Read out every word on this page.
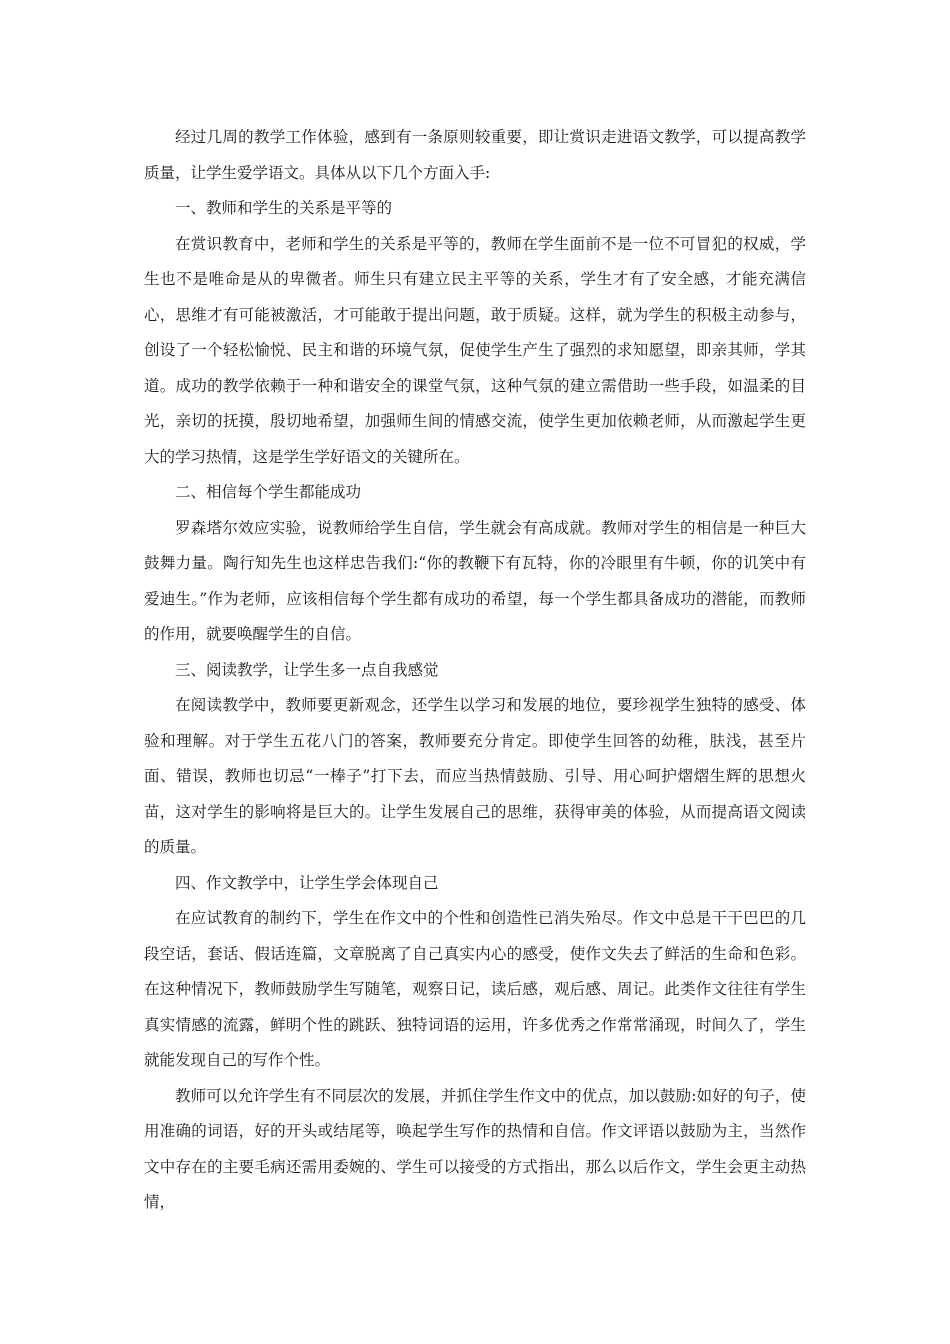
经过几周的教学工作体验，感到有一条原则较重要，即让赏识走进语文教学，可以提高教学质量，让学生爱学语文。具体从以下几个方面入手:

一、教师和学生的关系是平等的

在赏识教育中，老师和学生的关系是平等的，教师在学生面前不是一位不可冒犯的权威，学生也不是唯命是从的卑微者。师生只有建立民主平等的关系，学生才有了安全感，才能充满信心，思维才有可能被激活，才可能敢于提出问题，敢于质疑。这样，就为学生的积极主动参与，创设了一个轻松愉悦、民主和谐的环境气氛，促使学生产生了强烈的求知愿望，即亲其师，学其道。成功的教学依赖于一种和谐安全的课堂气氛，这种气氛的建立需借助一些手段，如温柔的目光，亲切的抚摸，殷切地希望，加强师生间的情感交流，使学生更加依赖老师，从而激起学生更大的学习热情，这是学生学好语文的关键所在。

二、相信每个学生都能成功

罗森塔尔效应实验，说教师给学生自信，学生就会有高成就。教师对学生的相信是一种巨大鼓舞力量。陶行知先生也这样忠告我们:“你的教鞭下有瓦特，你的冷眼里有牛顿，你的讥笑中有爱迪生。”作为老师，应该相信每个学生都有成功的希望，每一个学生都具备成功的潜能，而教师的作用，就要唤醒学生的自信。

三、阅读教学，让学生多一点自我感觉

在阅读教学中，教师要更新观念，还学生以学习和发展的地位，要珍视学生独特的感受、体验和理解。对于学生五花八门的答案，教师要充分肯定。即使学生回答的幼稚，肤浅，甚至片面、错误，教师也切忌“一棒子”打下去，而应当热情鼓励、引导、用心呵护熠熠生辉的思想火苗，这对学生的影响将是巨大的。让学生发展自己的思维，获得审美的体验，从而提高语文阅读的质量。

四、作文教学中，让学生学会体现自己

在应试教育的制约下，学生在作文中的个性和创造性已消失殆尽。作文中总是干干巴巴的几段空话，套话、假话连篇，文章脱离了自己真实内心的感受，使作文失去了鲜活的生命和色彩。在这种情况下，教师鼓励学生写随笔，观察日记，读后感，观后感、周记。此类作文往往有学生真实情感的流露，鲜明个性的跳跃、独特词语的运用，许多优秀之作常常涌现，时间久了，学生就能发现自己的写作个性。

教师可以允许学生有不同层次的发展，并抓住学生作文中的优点，加以鼓励:如好的句子，使用准确的词语，好的开头或结尾等，唤起学生写作的热情和自信。作文评语以鼓励为主，当然作文中存在的主要毛病还需用委婉的、学生可以接受的方式指出，那么以后作文，学生会更主动热情，
